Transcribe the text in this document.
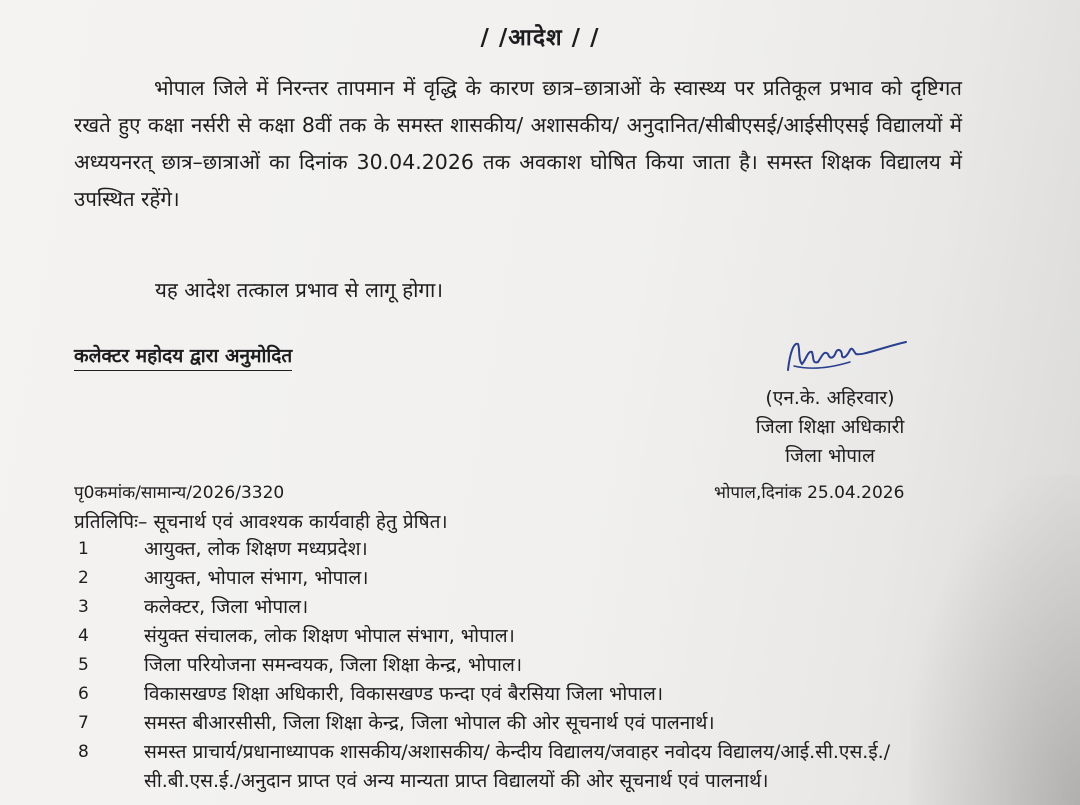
/ /आदेश / /
भोपाल जिले में निरन्तर तापमान में वृद्धि के कारण छात्र–छात्राओं के स्वास्थ्य पर प्रतिकूल प्रभाव को दृष्टिगत रखते हुए कक्षा नर्सरी से कक्षा 8वीं तक के समस्त शासकीय/ अशासकीय/ अनुदानित/सीबीएसई/आईसीएसई विद्यालयों में अध्ययनरत् छात्र–छात्राओं का दिनांक 30.04.2026 तक अवकाश घोषित किया जाता है। समस्त शिक्षक विद्यालय में उपस्थित रहेंगे।
यह आदेश तत्काल प्रभाव से लागू होगा।
कलेक्टर महोदय द्वारा अनुमोदित
(एन.के. अहिरवार)
जिला शिक्षा अधिकारी
जिला भोपाल
पृ0कमांक/सामान्य/2026/3320	भोपाल,दिनांक 25.04.2026
प्रतिलिपिः– सूचनार्थ एवं आवश्यक कार्यवाही हेतु प्रेषित।
1	आयुक्त, लोक शिक्षण मध्यप्रदेश।
2	आयुक्त, भोपाल संभाग, भोपाल।
3	कलेक्टर, जिला भोपाल।
4	संयुक्त संचालक, लोक शिक्षण भोपाल संभाग, भोपाल।
5	जिला परियोजना समन्वयक, जिला शिक्षा केन्द्र, भोपाल।
6	विकासखण्ड शिक्षा अधिकारी, विकासखण्ड फन्दा एवं बैरसिया जिला भोपाल।
7	समस्त बीआरसीसी, जिला शिक्षा केन्द्र, जिला भोपाल की ओर सूचनार्थ एवं पालनार्थ।
8	समस्त प्राचार्य/प्रधानाध्यापक शासकीय/अशासकीय/ केन्दीय विद्यालय/जवाहर नवोदय विद्यालय/आई.सी.एस.ई./सी.बी.एस.ई./अनुदान प्राप्त एवं अन्य मान्यता प्राप्त विद्यालयों की ओर सूचनार्थ एवं पालनार्थ।
